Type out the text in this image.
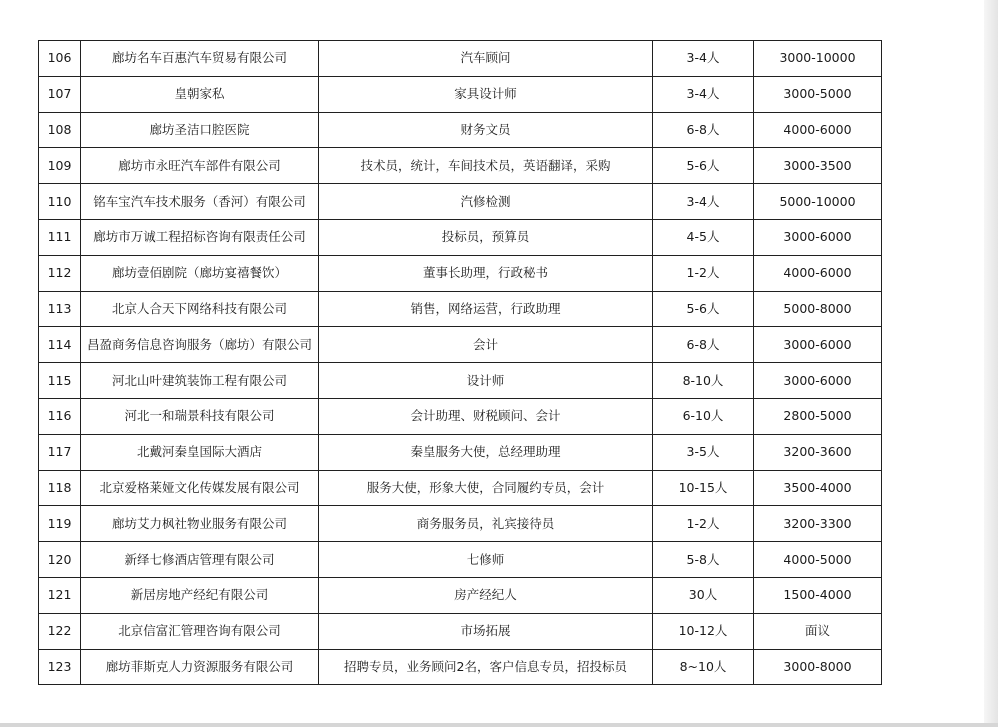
106	廊坊名车百惠汽车贸易有限公司	汽车顾问	3-4人	3000-10000
107	皇朝家私	家具设计师	3-4人	3000-5000
108	廊坊圣洁口腔医院	财务文员	6-8人	4000-6000
109	廊坊市永旺汽车部件有限公司	技术员，统计，车间技术员，英语翻译，采购	5-6人	3000-3500
110	铭车宝汽车技术服务（香河）有限公司	汽修检测	3-4人	5000-10000
111	廊坊市万诚工程招标咨询有限责任公司	投标员，预算员	4-5人	3000-6000
112	廊坊壹佰剧院（廊坊宴禧餐饮）	董事长助理，行政秘书	1-2人	4000-6000
113	北京人合天下网络科技有限公司	销售，网络运营，行政助理	5-6人	5000-8000
114	昌盈商务信息咨询服务（廊坊）有限公司	会计	6-8人	3000-6000
115	河北山叶建筑装饰工程有限公司	设计师	8-10人	3000-6000
116	河北一和瑞景科技有限公司	会计助理、财税顾问、会计	6-10人	2800-5000
117	北戴河秦皇国际大酒店	秦皇服务大使，总经理助理	3-5人	3200-3600
118	北京爱格莱娅文化传媒发展有限公司	服务大使，形象大使，合同履约专员，会计	10-15人	3500-4000
119	廊坊艾力枫社物业服务有限公司	商务服务员，礼宾接待员	1-2人	3200-3300
120	新绎七修酒店管理有限公司	七修师	5-8人	4000-5000
121	新居房地产经纪有限公司	房产经纪人	30人	1500-4000
122	北京信富汇管理咨询有限公司	市场拓展	10-12人	面议
123	廊坊菲斯克人力资源服务有限公司	招聘专员，业务顾问2名，客户信息专员，招投标员	8~10人	3000-8000
